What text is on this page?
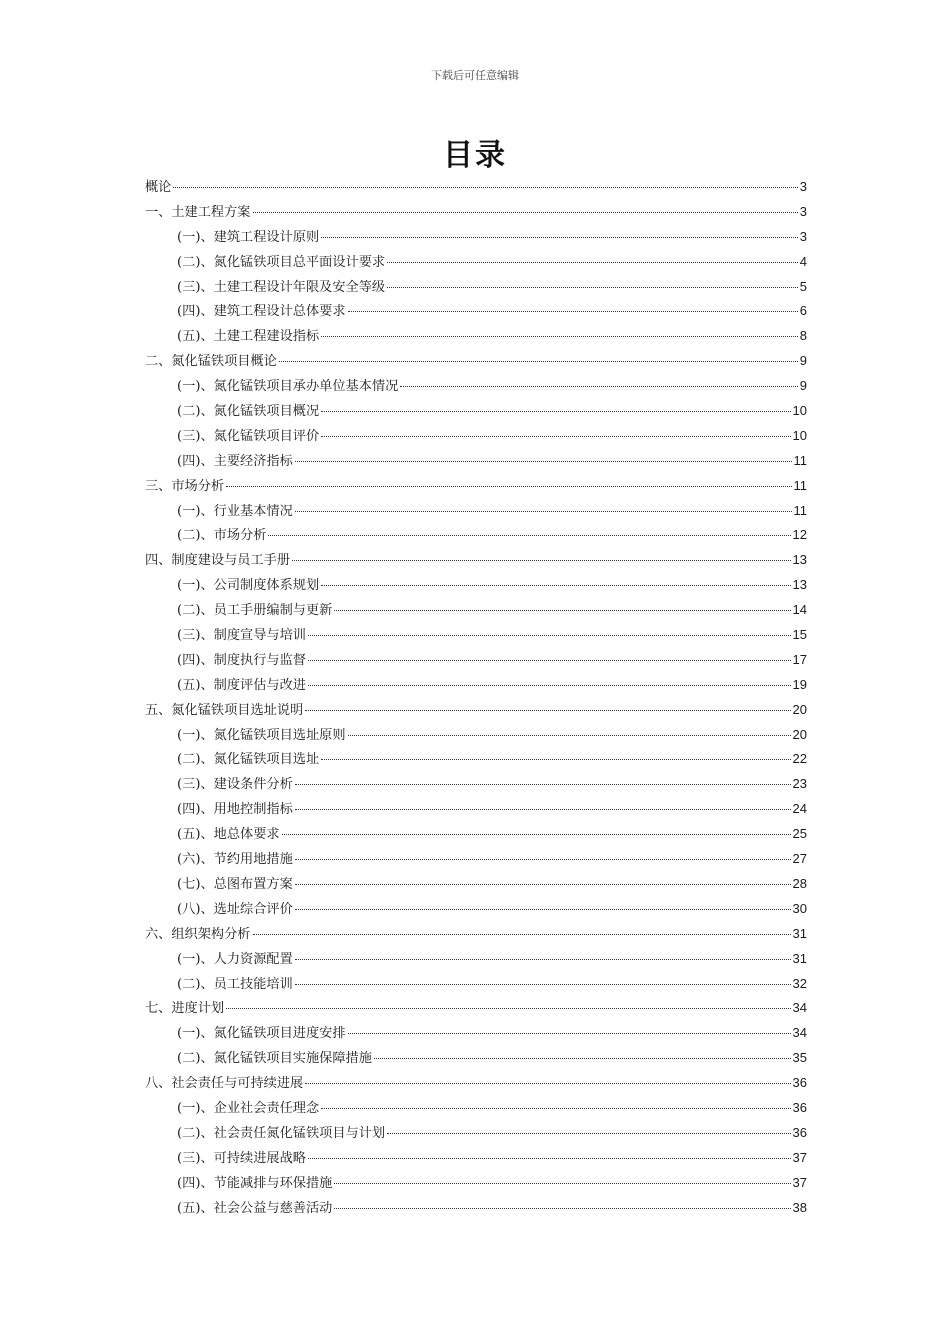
下载后可任意编辑
目录
概论	3
一、土建工程方案	3
(一)、建筑工程设计原则	3
(二)、氮化锰铁项目总平面设计要求	4
(三)、土建工程设计年限及安全等级	5
(四)、建筑工程设计总体要求	6
(五)、土建工程建设指标	8
二、氮化锰铁项目概论	9
(一)、氮化锰铁项目承办单位基本情况	9
(二)、氮化锰铁项目概况	10
(三)、氮化锰铁项目评价	10
(四)、主要经济指标	11
三、市场分析	11
(一)、行业基本情况	11
(二)、市场分析	12
四、制度建设与员工手册	13
(一)、公司制度体系规划	13
(二)、员工手册编制与更新	14
(三)、制度宣导与培训	15
(四)、制度执行与监督	17
(五)、制度评估与改进	19
五、氮化锰铁项目选址说明	20
(一)、氮化锰铁项目选址原则	20
(二)、氮化锰铁项目选址	22
(三)、建设条件分析	23
(四)、用地控制指标	24
(五)、地总体要求	25
(六)、节约用地措施	27
(七)、总图布置方案	28
(八)、选址综合评价	30
六、组织架构分析	31
(一)、人力资源配置	31
(二)、员工技能培训	32
七、进度计划	34
(一)、氮化锰铁项目进度安排	34
(二)、氮化锰铁项目实施保障措施	35
八、社会责任与可持续进展	36
(一)、企业社会责任理念	36
(二)、社会责任氮化锰铁项目与计划	36
(三)、可持续进展战略	37
(四)、节能减排与环保措施	37
(五)、社会公益与慈善活动	38
